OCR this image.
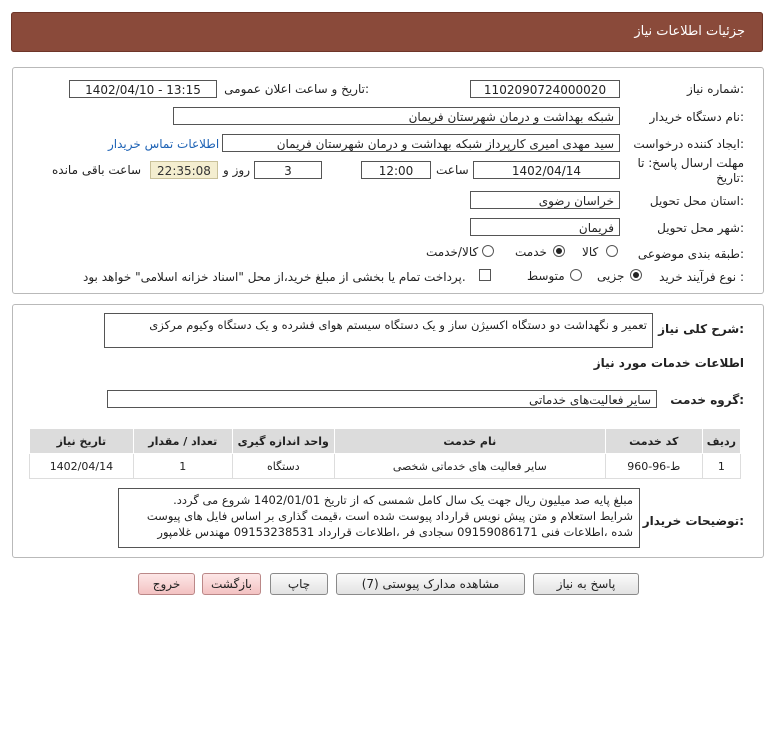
جزئیات اطلاعات نیاز
شماره نیاز:
1102090724000020
تاریخ و ساعت اعلان عمومی:
1402/04/10 - 13:15
نام دستگاه خریدار:
شبکه بهداشت و درمان شهرستان فریمان
ایجاد کننده درخواست:
سید مهدی امیری کارپرداز شبکه بهداشت و درمان شهرستان فریمان
اطلاعات تماس خریدار
مهلت ارسال پاسخ: تا
تاریخ:
1402/04/14
ساعت
12:00
3
روز و
22:35:08
ساعت باقی مانده
استان محل تحویل:
خراسان رضوی
شهر محل تحویل:
فریمان
طبقه بندی موضوعی:
کالا
خدمت
کالا/خدمت
نوع فرآیند خرید :
جزیی
متوسط
پرداخت تمام یا بخشی از مبلغ خرید،از محل "اسناد خزانه اسلامی" خواهد بود.
شرح کلی نیاز:
تعمیر و نگهداشت دو دستگاه اکسیژن ساز و یک دستگاه سیستم هوای فشرده و یک دستگاه وکیوم مرکزی
اطلاعات خدمات مورد نیاز
گروه خدمت:
سایر فعالیت‌های خدماتی
ردیف	کد خدمت	نام خدمت	واحد اندازه گیری	تعداد / مقدار	تاریخ نیاز
1	ط-96-960	سایر فعالیت های خدماتی شخصی	دستگاه	1	1402/04/14
توضیحات خریدار:
مبلغ پایه صد میلیون ریال جهت یک سال کامل شمسی که از تاریخ 1402/01/01 شروع می گردد.
شرایط استعلام و متن پیش نویس قرارداد پیوست شده است ،قیمت گذاری بر اساس فایل های پیوست
شده ،اطلاعات فنی 09159086171 سجادی فر ،اطلاعات قرارداد 09153238531 مهندس غلامپور
پاسخ به نیاز
مشاهده مدارک پیوستی (7)
چاپ
بازگشت
خروج
